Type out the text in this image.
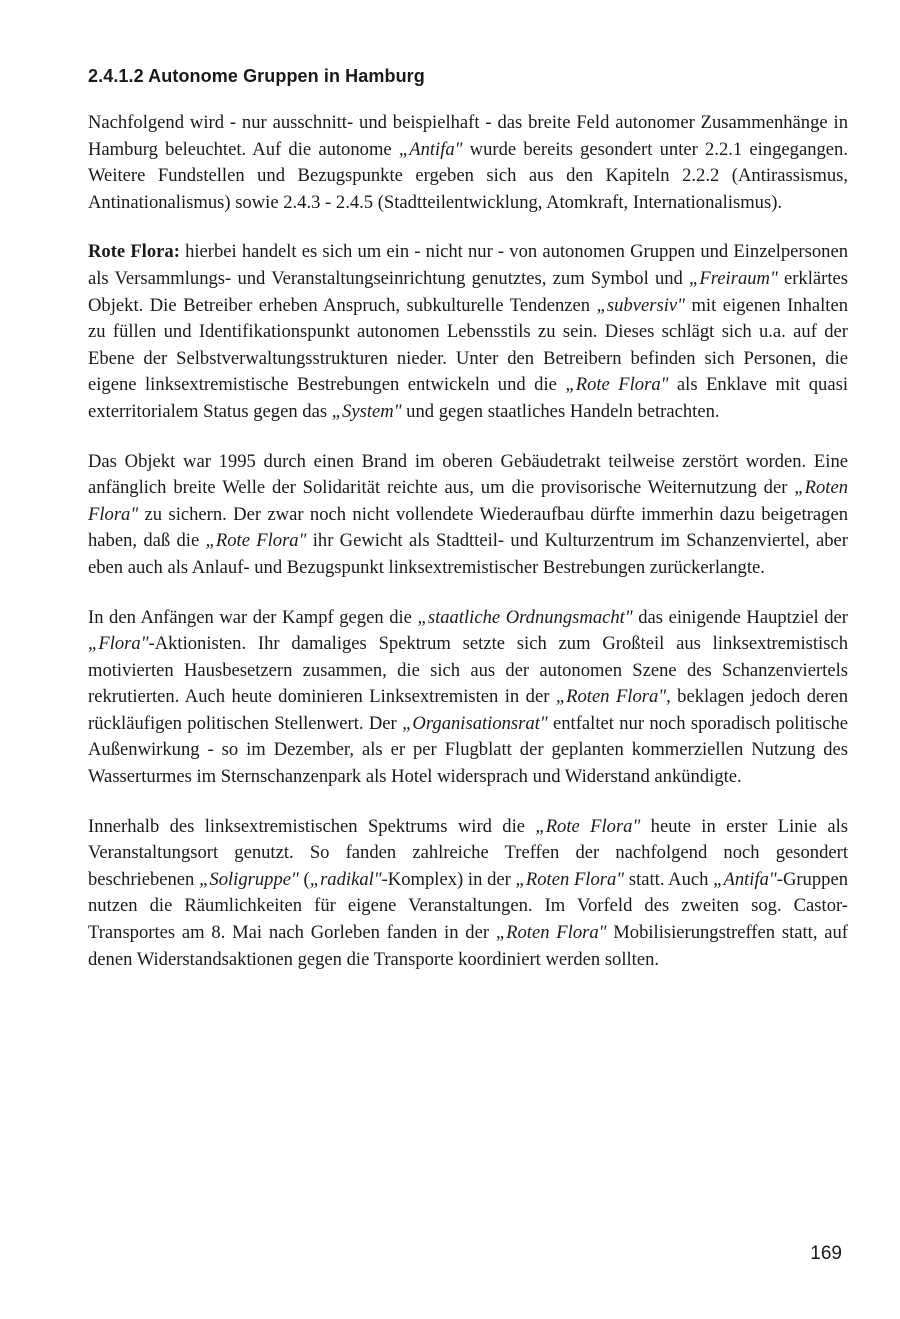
2.4.1.2 Autonome Gruppen in Hamburg

Nachfolgend wird - nur ausschnitt- und beispielhaft - das breite Feld autonomer Zusammenhänge in Hamburg beleuchtet. Auf die autonome „Antifa" wurde bereits gesondert unter 2.2.1 eingegangen. Weitere Fundstellen und Bezugspunkte ergeben sich aus den Kapiteln 2.2.2 (Antirassismus, Antinationalismus) sowie 2.4.3 - 2.4.5 (Stadtteilentwicklung, Atomkraft, Internationalismus).

Rote Flora: hierbei handelt es sich um ein - nicht nur - von autonomen Gruppen und Einzelpersonen als Versammlungs- und Veranstaltungseinrichtung genutztes, zum Symbol und „Freiraum" erklärtes Objekt. Die Betreiber erheben Anspruch, subkulturelle Tendenzen „subversiv" mit eigenen Inhalten zu füllen und Identifikationspunkt autonomen Lebensstils zu sein. Dieses schlägt sich u.a. auf der Ebene der Selbstverwaltungsstrukturen nieder. Unter den Betreibern befinden sich Personen, die eigene linksextremistische Bestrebungen entwickeln und die „Rote Flora" als Enklave mit quasi exterritorialem Status gegen das „System" und gegen staatliches Handeln betrachten.

Das Objekt war 1995 durch einen Brand im oberen Gebäudetrakt teilweise zerstört worden. Eine anfänglich breite Welle der Solidarität reichte aus, um die provisorische Weiternutzung der „Roten Flora" zu sichern. Der zwar noch nicht vollendete Wiederaufbau dürfte immerhin dazu beigetragen haben, daß die „Rote Flora" ihr Gewicht als Stadtteil- und Kulturzentrum im Schanzenviertel, aber eben auch als Anlauf- und Bezugspunkt linksextremistischer Bestrebungen zurückerlangte.

In den Anfängen war der Kampf gegen die „staatliche Ordnungsmacht" das einigende Hauptziel der „Flora"-Aktionisten. Ihr damaliges Spektrum setzte sich zum Großteil aus linksextremistisch motivierten Hausbesetzern zusammen, die sich aus der autonomen Szene des Schanzenviertels rekrutierten. Auch heute dominieren Linksextremisten in der „Roten Flora", beklagen jedoch deren rückläufigen politischen Stellenwert. Der „Organisationsrat" entfaltet nur noch sporadisch politische Außenwirkung - so im Dezember, als er per Flugblatt der geplanten kommerziellen Nutzung des Wasserturmes im Sternschanzenpark als Hotel widersprach und Widerstand ankündigte.

Innerhalb des linksextremistischen Spektrums wird die „Rote Flora" heute in erster Linie als Veranstaltungsort genutzt. So fanden zahlreiche Treffen der nachfolgend noch gesondert beschriebenen „Soligruppe" („radikal"-Komplex) in der „Roten Flora" statt. Auch „Antifa"-Gruppen nutzen die Räumlichkeiten für eigene Veranstaltungen. Im Vorfeld des zweiten sog. Castor-Transportes am 8. Mai nach Gorleben fanden in der „Roten Flora" Mobilisierungstreffen statt, auf denen Widerstandsaktionen gegen die Transporte koordiniert werden sollten.

169
